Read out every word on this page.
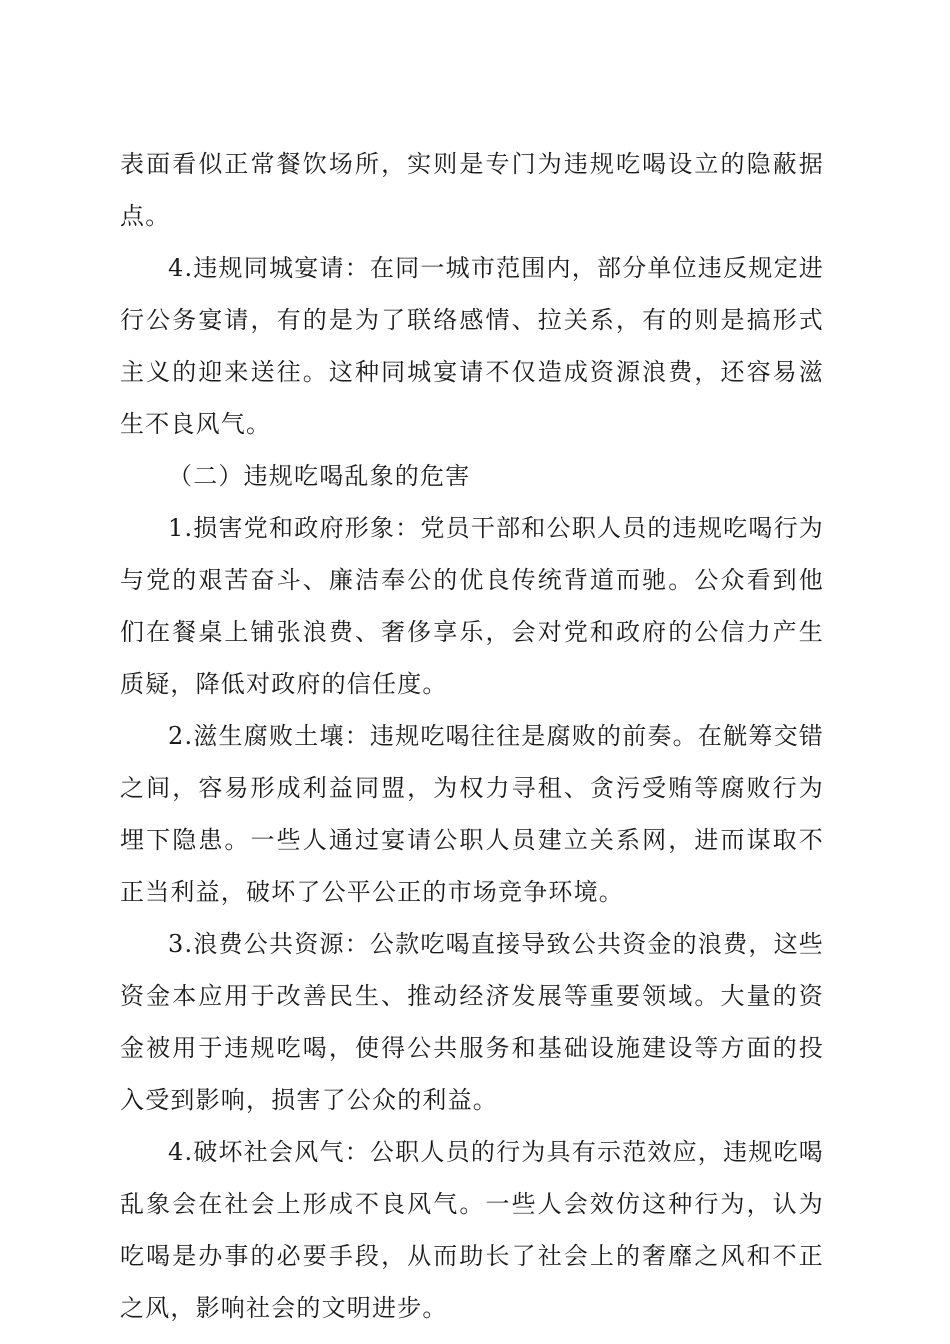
表面看似正常餐饮场所，实则是专门为违规吃喝设立的隐蔽据点。

4.违规同城宴请：在同一城市范围内，部分单位违反规定进行公务宴请，有的是为了联络感情、拉关系，有的则是搞形式主义的迎来送往。这种同城宴请不仅造成资源浪费，还容易滋生不良风气。

（二）违规吃喝乱象的危害

1.损害党和政府形象：党员干部和公职人员的违规吃喝行为与党的艰苦奋斗、廉洁奉公的优良传统背道而驰。公众看到他们在餐桌上铺张浪费、奢侈享乐，会对党和政府的公信力产生质疑，降低对政府的信任度。

2.滋生腐败土壤：违规吃喝往往是腐败的前奏。在觥筹交错之间，容易形成利益同盟，为权力寻租、贪污受贿等腐败行为埋下隐患。一些人通过宴请公职人员建立关系网，进而谋取不正当利益，破坏了公平公正的市场竞争环境。

3.浪费公共资源：公款吃喝直接导致公共资金的浪费，这些资金本应用于改善民生、推动经济发展等重要领域。大量的资金被用于违规吃喝，使得公共服务和基础设施建设等方面的投入受到影响，损害了公众的利益。

4.破坏社会风气：公职人员的行为具有示范效应，违规吃喝乱象会在社会上形成不良风气。一些人会效仿这种行为，认为吃喝是办事的必要手段，从而助长了社会上的奢靡之风和不正之风，影响社会的文明进步。
